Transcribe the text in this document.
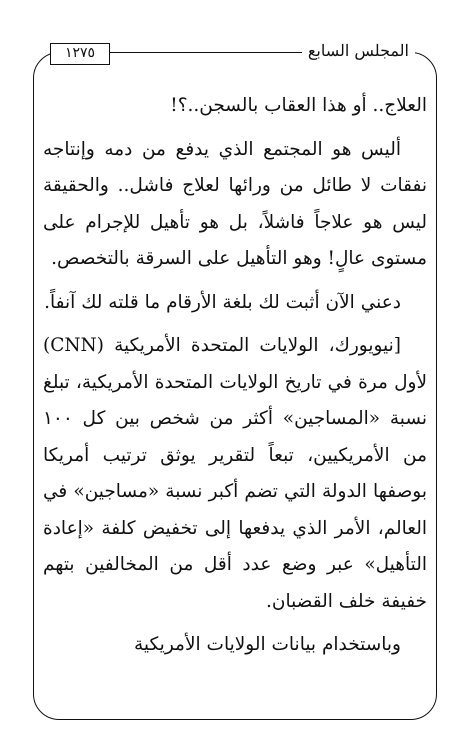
المجلس السابع
١٢٧٥

العلاج.. أو هذا العقاب بالسجن..؟!

أليس هو المجتمع الذي يدفع من دمه وإنتاجه نفقات لا طائل من ورائها لعلاج فاشل.. والحقيقة ليس هو علاجاً فاشلاً، بل هو تأهيل للإجرام على مستوى عالٍ! وهو التأهيل على السرقة بالتخصص.

دعني الآن أثبت لك بلغة الأرقام ما قلته لك آنفاً.

[نيويورك، الولايات المتحدة الأمريكية (CNN) لأول مرة في تاريخ الولايات المتحدة الأمريكية، تبلغ نسبة «المساجين» أكثر من شخص بين كل ١٠٠ من الأمريكيين، تبعاً لتقرير يوثق ترتيب أمريكا بوصفها الدولة التي تضم أكبر نسبة «مساجين» في العالم، الأمر الذي يدفعها إلى تخفيض كلفة «إعادة التأهيل» عبر وضع عدد أقل من المخالفين بتهم خفيفة خلف القضبان.

وباستخدام بيانات الولايات الأمريكية
